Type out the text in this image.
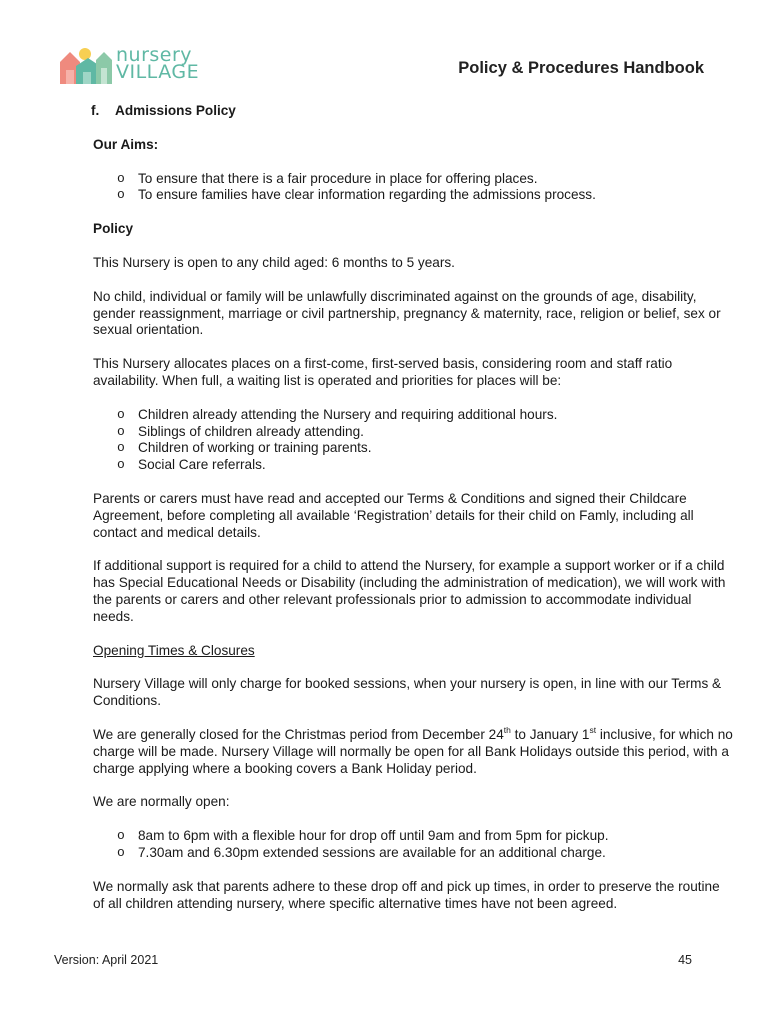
nursery
VILLAGE	Policy & Procedures Handbook
f.	Admissions Policy
Our Aims:
o To ensure that there is a fair procedure in place for offering places.
o To ensure families have clear information regarding the admissions process.
Policy

This Nursery is open to any child aged: 6 months to 5 years.

No child, individual or family will be unlawfully discriminated against on the grounds of age, disability, gender reassignment, marriage or civil partnership, pregnancy & maternity, race, religion or belief, sex or sexual orientation.

This Nursery allocates places on a first-come, first-served basis, considering room and staff ratio availability. When full, a waiting list is operated and priorities for places will be:

o Children already attending the Nursery and requiring additional hours.
o Siblings of children already attending.
o Children of working or training parents.
o Social Care referrals.

Parents or carers must have read and accepted our Terms & Conditions and signed their Childcare Agreement, before completing all available ‘Registration’ details for their child on Famly, including all contact and medical details.

If additional support is required for a child to attend the Nursery, for example a support worker or if a child has Special Educational Needs or Disability (including the administration of medication), we will work with the parents or carers and other relevant professionals prior to admission to accommodate individual needs.

Opening Times & Closures

Nursery Village will only charge for booked sessions, when your nursery is open, in line with our Terms & Conditions.

We are generally closed for the Christmas period from December 24th to January 1st inclusive, for which no charge will be made. Nursery Village will normally be open for all Bank Holidays outside this period, with a charge applying where a booking covers a Bank Holiday period.

We are normally open:

o 8am to 6pm with a flexible hour for drop off until 9am and from 5pm for pickup.
o 7.30am and 6.30pm extended sessions are available for an additional charge.

We normally ask that parents adhere to these drop off and pick up times, in order to preserve the routine of all children attending nursery, where specific alternative times have not been agreed.

Version: April 2021	45
